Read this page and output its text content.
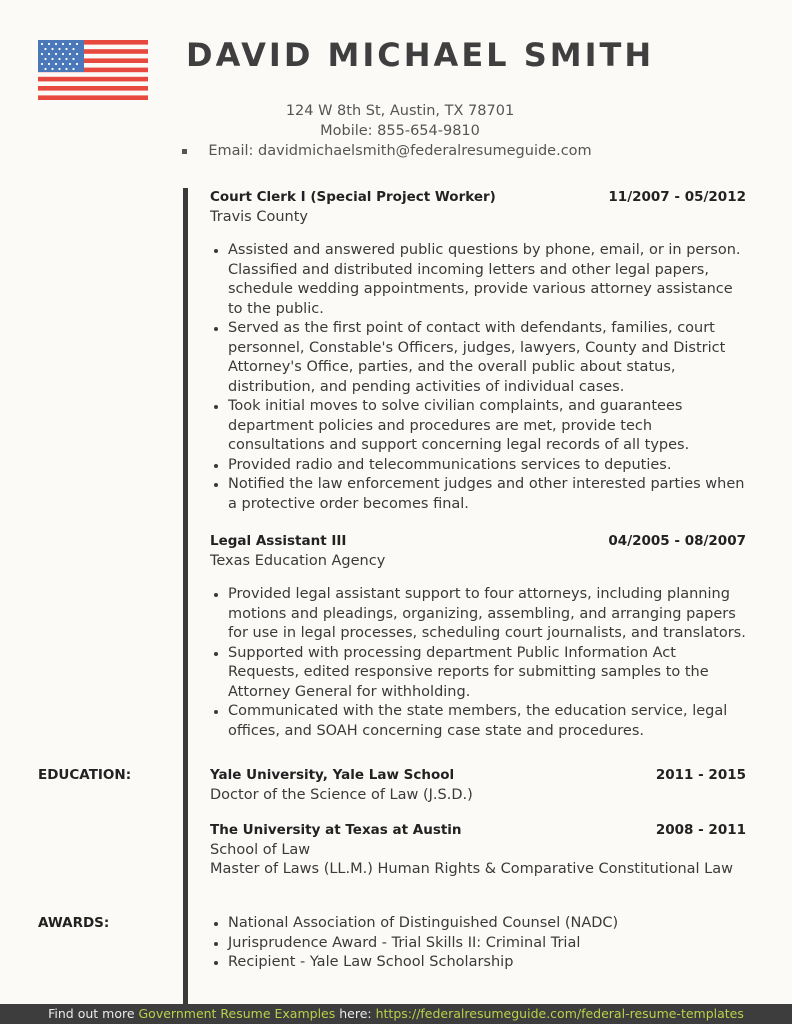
DAVID MICHAEL SMITH
124 W 8th St, Austin, TX 78701
Mobile: 855-654-9810
Email: davidmichaelsmith@federalresumeguide.com
Court Clerk I (Special Project Worker)	11/2007 - 05/2012
Travis County
• Assisted and answered public questions by phone, email, or in person. Classified and distributed incoming letters and other legal papers, schedule wedding appointments, provide various attorney assistance to the public.
• Served as the first point of contact with defendants, families, court personnel, Constable's Officers, judges, lawyers, County and District Attorney's Office, parties, and the overall public about status, distribution, and pending activities of individual cases.
• Took initial moves to solve civilian complaints, and guarantees department policies and procedures are met, provide tech consultations and support concerning legal records of all types.
• Provided radio and telecommunications services to deputies.
• Notified the law enforcement judges and other interested parties when a protective order becomes final.
Legal Assistant III	04/2005 - 08/2007
Texas Education Agency
• Provided legal assistant support to four attorneys, including planning motions and pleadings, organizing, assembling, and arranging papers for use in legal processes, scheduling court journalists, and translators.
• Supported with processing department Public Information Act Requests, edited responsive reports for submitting samples to the Attorney General for withholding.
• Communicated with the state members, the education service, legal offices, and SOAH concerning case state and procedures.
EDUCATION:	Yale University, Yale Law School	2011 - 2015
Doctor of the Science of Law (J.S.D.)
The University at Texas at Austin	2008 - 2011
School of Law
Master of Laws (LL.M.) Human Rights & Comparative Constitutional Law
AWARDS:
•	National Association of Distinguished Counsel (NADC)
• Jurisprudence Award - Trial Skills II: Criminal Trial
• Recipient - Yale Law School Scholarship
Find out more Government Resume Examples here: https://federalresumeguide.com/federal-resume-templates
